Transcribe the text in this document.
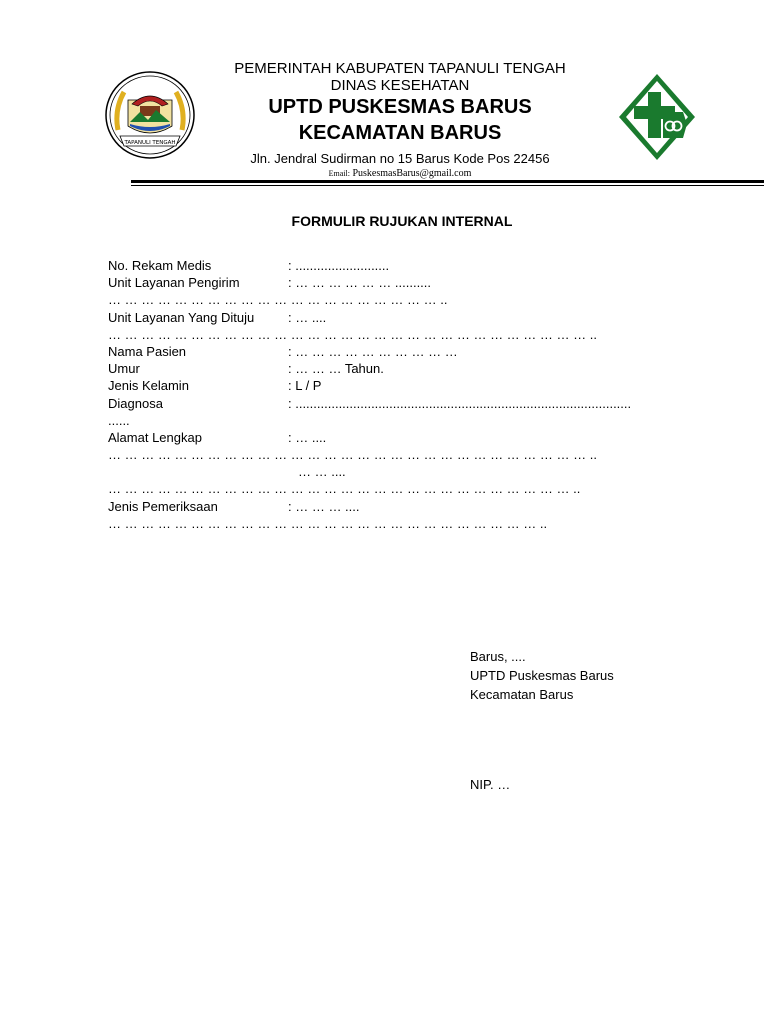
TAPANULI TENGAH
PEMERINTAH KABUPATEN TAPANULI TENGAH
DINAS KESEHATAN
UPTD PUSKESMAS BARUS
KECAMATAN BARUS
Jln. Jendral Sudirman no 15 Barus Kode Pos 22456
Email: PuskesmasBarus@gmail.com
FORMULIR RUJUKAN INTERNAL
No. Rekam Medis	: ..........................
Unit Layanan Pengirim	: … … … … … … ..........
… … … … … … … … … … … … … … … … … … … … ..
Unit Layanan Yang Dituju	: … ....
… … … … … … … … … … … … … … … … … … … … … … … … … … … … … ..
Nama Pasien	: … … … … … … … … … …
Umur	: … … … Tahun.
Jenis Kelamin	: L / P
Diagnosa	: .............................................................................................
......
Alamat Lengkap	: … ....
… … … … … … … … … … … … … … … … … … … … … … … … … … … … … ..
… … ....
… … … … … … … … … … … … … … … … … … … … … … … … … … … … ..
Jenis Pemeriksaan	: … … … ....
… … … … … … … … … … … … … … … … … … … … … … … … … … ..
Barus, ....
UPTD Puskesmas Barus
Kecamatan Barus
NIP. …
